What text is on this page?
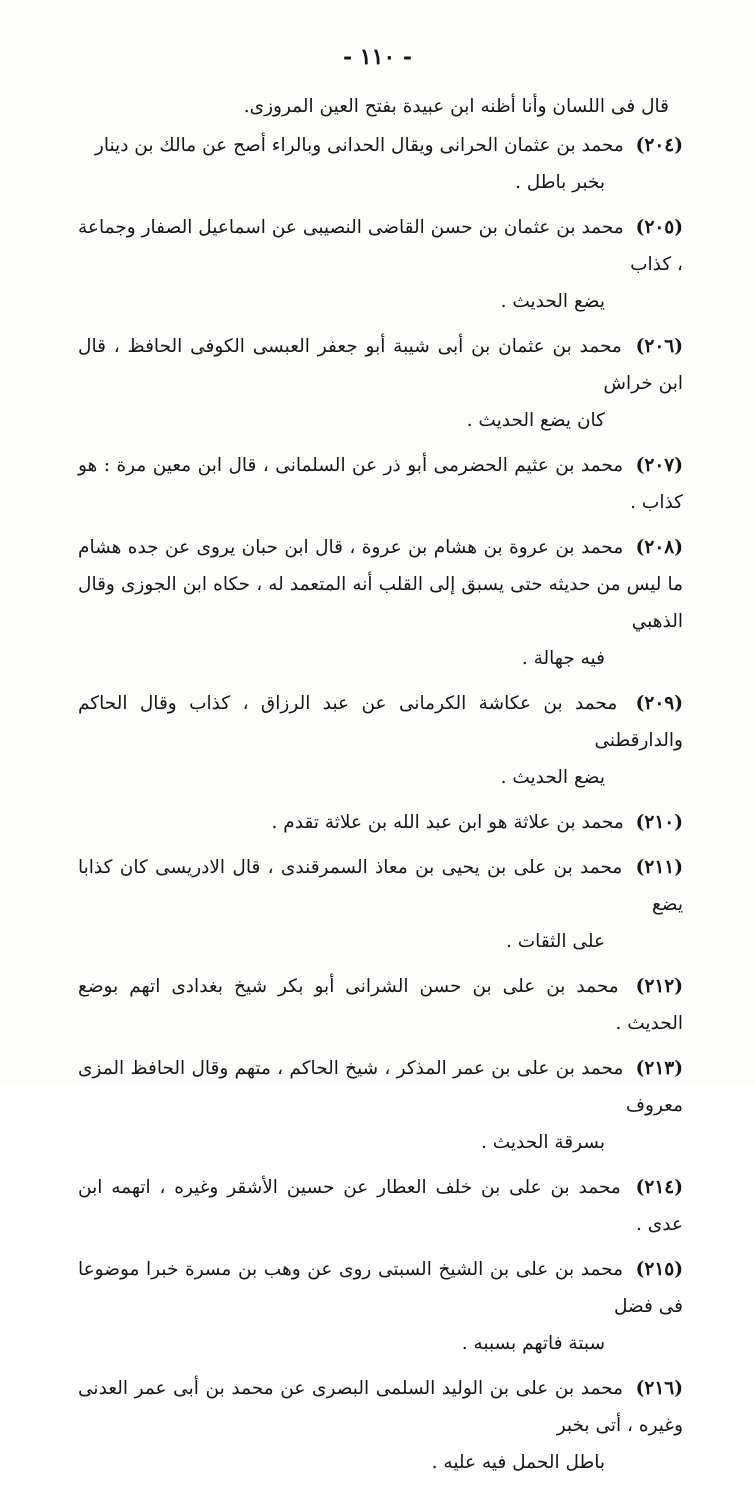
- ١١٠ -

قال فى اللسان وأنا أظنه ابن عبيدة بفتح العين المروزى.

(٢٠٤) محمد بن عثمان الحرانى ويقال الحدانى وبالراء أصح عن مالك بن دينار
بخبر باطل .

(٢٠٥) محمد بن عثمان بن حسن القاضى النصيبى عن اسماعيل الصفار وجماعة ، كذاب
يضع الحديث .

(٢٠٦) محمد بن عثمان بن أبى شيبة أبو جعفر العبسى الكوفى الحافظ ، قال ابن خراش
كان يضع الحديث .

(٢٠٧) محمد بن عثيم الحضرمى أبو ذر عن السلمانى ، قال ابن معين مرة : هو كذاب .

(٢٠٨) محمد بن عروة بن هشام بن عروة ، قال ابن حبان يروى عن جده هشام ما ليس من حديثه حتى يسبق إلى القلب أنه المتعمد له ، حكاه ابن الجوزى وقال الذهبي
فيه جهالة .

(٢٠٩) محمد بن عكاشة الكرمانى عن عبد الرزاق ، كذاب وقال الحاكم والدارقطنى
يضع الحديث .

(٢١٠) محمد بن علاثة هو ابن عبد الله بن علاثة تقدم .

(٢١١) محمد بن على بن يحيى بن معاذ السمرقندى ، قال الادريسى كان كذابا يضع
على الثقات .

(٢١٢) محمد بن على بن حسن الشرانى أبو بكر شيخ بغدادى اتهم بوضع الحديث .

(٢١٣) محمد بن على بن عمر المذكر ، شيخ الحاكم ، متهم وقال الحافظ المزى معروف
بسرقة الحديث .

(٢١٤) محمد بن على بن خلف العطار عن حسين الأشقر وغيره ، اتهمه ابن عدى .

(٢١٥) محمد بن على بن الشيخ السبتى روى عن وهب بن مسرة خبرا موضوعا فى فضل
سبتة فاتهم بسببه .

(٢١٦) محمد بن على بن الوليد السلمى البصرى عن محمد بن أبى عمر العدنى وغيره ، أتى بخبر
باطل الحمل فيه عليه .
